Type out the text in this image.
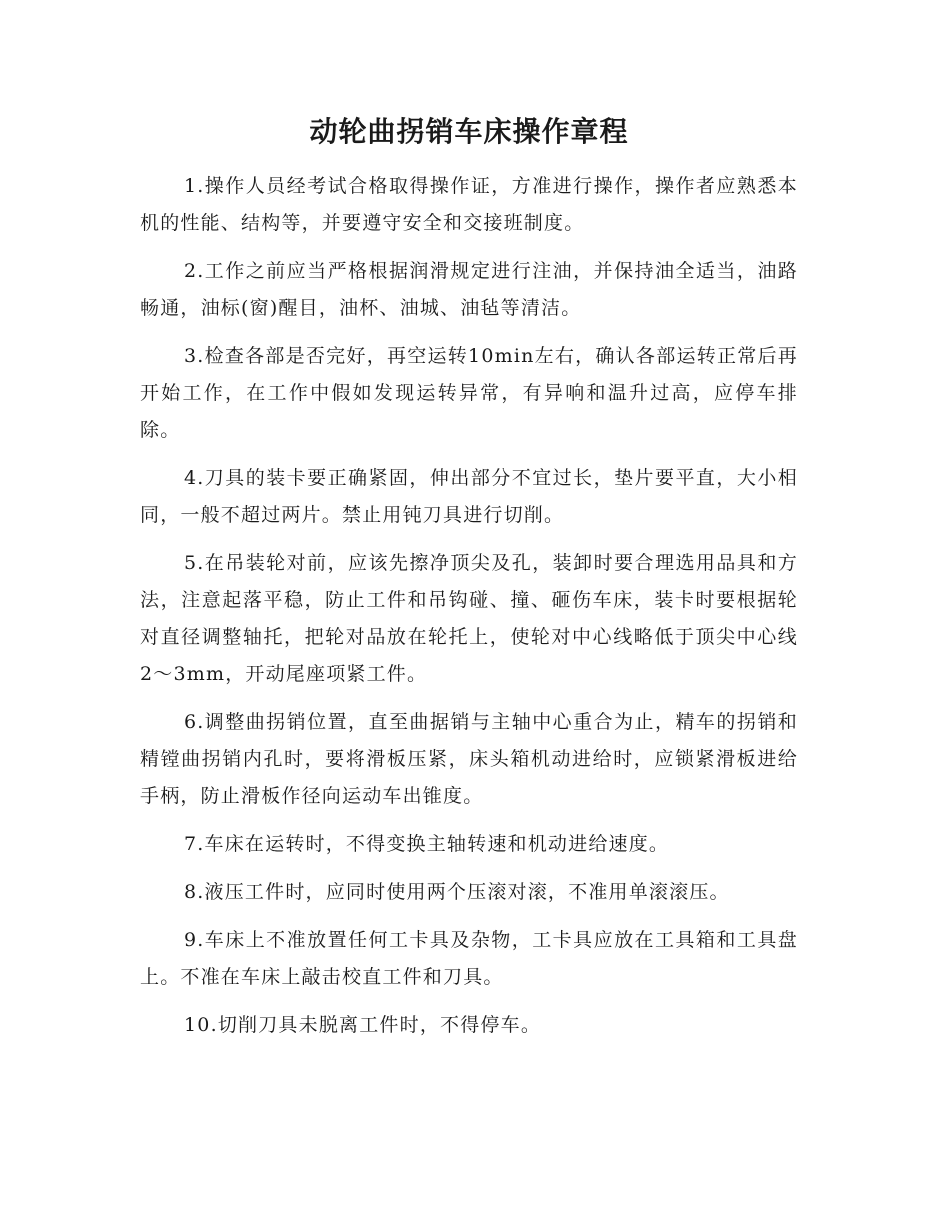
动轮曲拐销车床操作章程

1.操作人员经考试合格取得操作证，方准进行操作，操作者应熟悉本机的性能、结构等，并要遵守安全和交接班制度。

2.工作之前应当严格根据润滑规定进行注油，并保持油全适当，油路畅通，油标(窗)醒目，油杯、油城、油毡等清洁。

3.检查各部是否完好，再空运转10min左右，确认各部运转正常后再开始工作，在工作中假如发现运转异常，有异响和温升过高，应停车排除。

4.刀具的装卡要正确紧固，伸出部分不宜过长，垫片要平直，大小相同，一般不超过两片。禁止用钝刀具进行切削。

5.在吊装轮对前，应该先擦净顶尖及孔，装卸时要合理选用品具和方法，注意起落平稳，防止工件和吊钩碰、撞、砸伤车床，装卡时要根据轮对直径调整轴托，把轮对品放在轮托上，使轮对中心线略低于顶尖中心线2～3mm，开动尾座项紧工件。

6.调整曲拐销位置，直至曲据销与主轴中心重合为止，精车的拐销和精镗曲拐销内孔时，要将滑板压紧，床头箱机动进给时，应锁紧滑板进给手柄，防止滑板作径向运动车出锥度。

7.车床在运转时，不得变换主轴转速和机动进给速度。

8.液压工件时，应同时使用两个压滚对滚，不准用单滚滚压。

9.车床上不准放置任何工卡具及杂物，工卡具应放在工具箱和工具盘上。不准在车床上敲击校直工件和刀具。

10.切削刀具未脱离工件时，不得停车。
